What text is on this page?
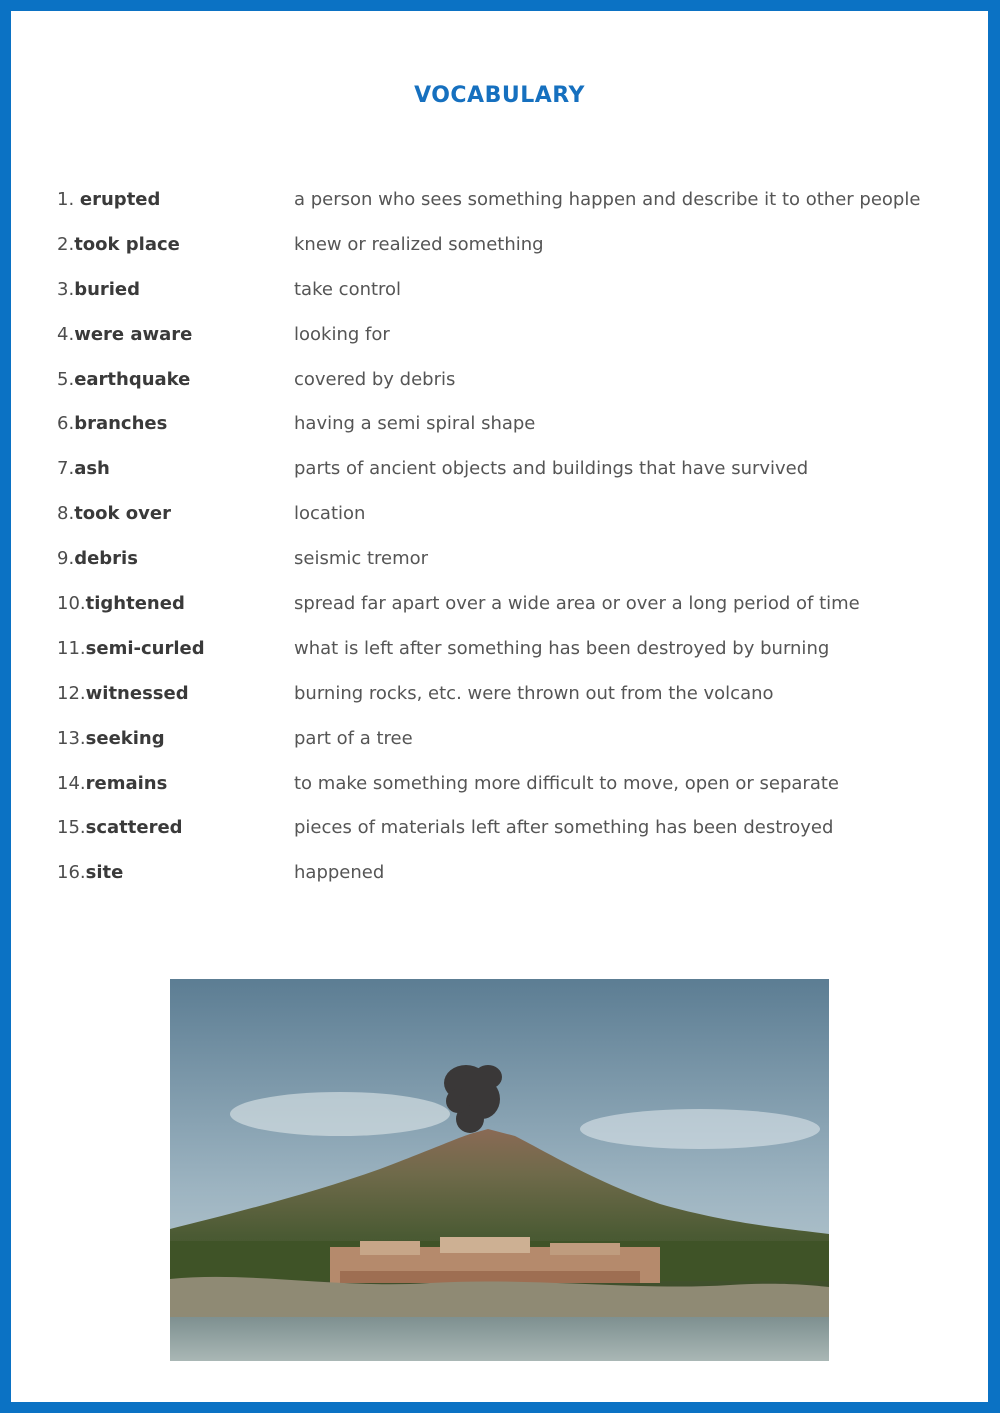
VOCABULARY
1. erupted	a person who sees something happen and describe it to other people
2.took place	knew or realized something
3.buried	take control
4.were aware	looking for
5.earthquake	covered by debris
6.branches	having a semi spiral shape
7.ash	parts of ancient objects and buildings that have survived
8.took over	location
9.debris	seismic tremor
10.tightened	spread far apart over a wide area or over a long period of time
11.semi-curled	what is left after something has been destroyed by burning
12.witnessed	burning rocks, etc. were thrown out from the volcano
13.seeking	part of a tree
14.remains	to make something more difficult to move, open or separate
15.scattered	pieces of materials left after something has been destroyed
16.site	happened
